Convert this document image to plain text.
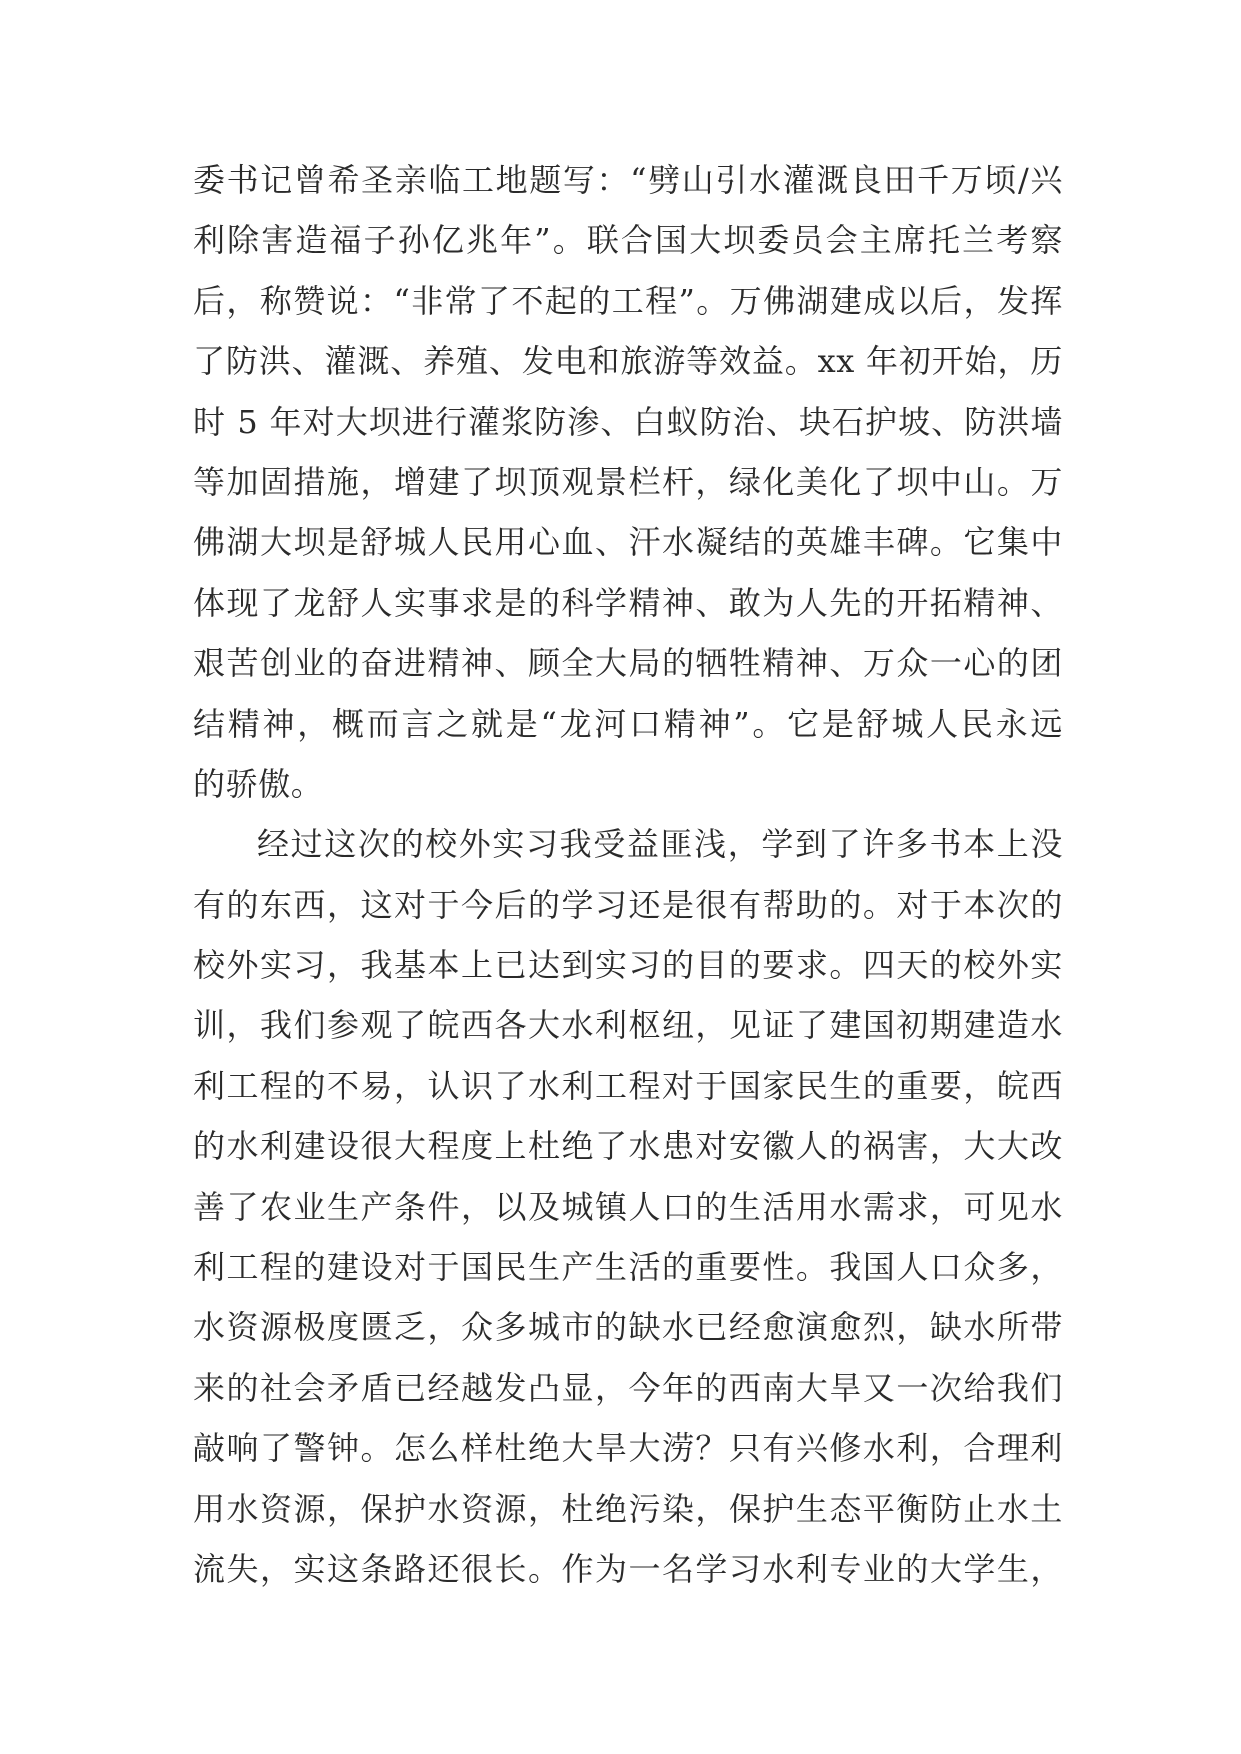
委书记曾希圣亲临工地题写：“劈山引水灌溉良田千万顷/兴
利除害造福子孙亿兆年”。联合国大坝委员会主席托兰考察
后，称赞说：“非常了不起的工程”。万佛湖建成以后，发挥
了防洪、灌溉、养殖、发电和旅游等效益。xx 年初开始，历
时 5 年对大坝进行灌浆防渗、白蚁防治、块石护坡、防洪墙
等加固措施，增建了坝顶观景栏杆，绿化美化了坝中山。万
佛湖大坝是舒城人民用心血、汗水凝结的英雄丰碑。它集中
体现了龙舒人实事求是的科学精神、敢为人先的开拓精神、
艰苦创业的奋进精神、顾全大局的牺牲精神、万众一心的团
结精神，概而言之就是“龙河口精神”。它是舒城人民永远
的骄傲。
经过这次的校外实习我受益匪浅，学到了许多书本上没
有的东西，这对于今后的学习还是很有帮助的。对于本次的
校外实习，我基本上已达到实习的目的要求。四天的校外实
训，我们参观了皖西各大水利枢纽，见证了建国初期建造水
利工程的不易，认识了水利工程对于国家民生的重要，皖西
的水利建设很大程度上杜绝了水患对安徽人的祸害，大大改
善了农业生产条件，以及城镇人口的生活用水需求，可见水
利工程的建设对于国民生产生活的重要性。我国人口众多，
水资源极度匮乏，众多城市的缺水已经愈演愈烈，缺水所带
来的社会矛盾已经越发凸显，今年的西南大旱又一次给我们
敲响了警钟。怎么样杜绝大旱大涝？只有兴修水利，合理利
用水资源，保护水资源，杜绝污染，保护生态平衡防止水土
流失，实这条路还很长。作为一名学习水利专业的大学生，
